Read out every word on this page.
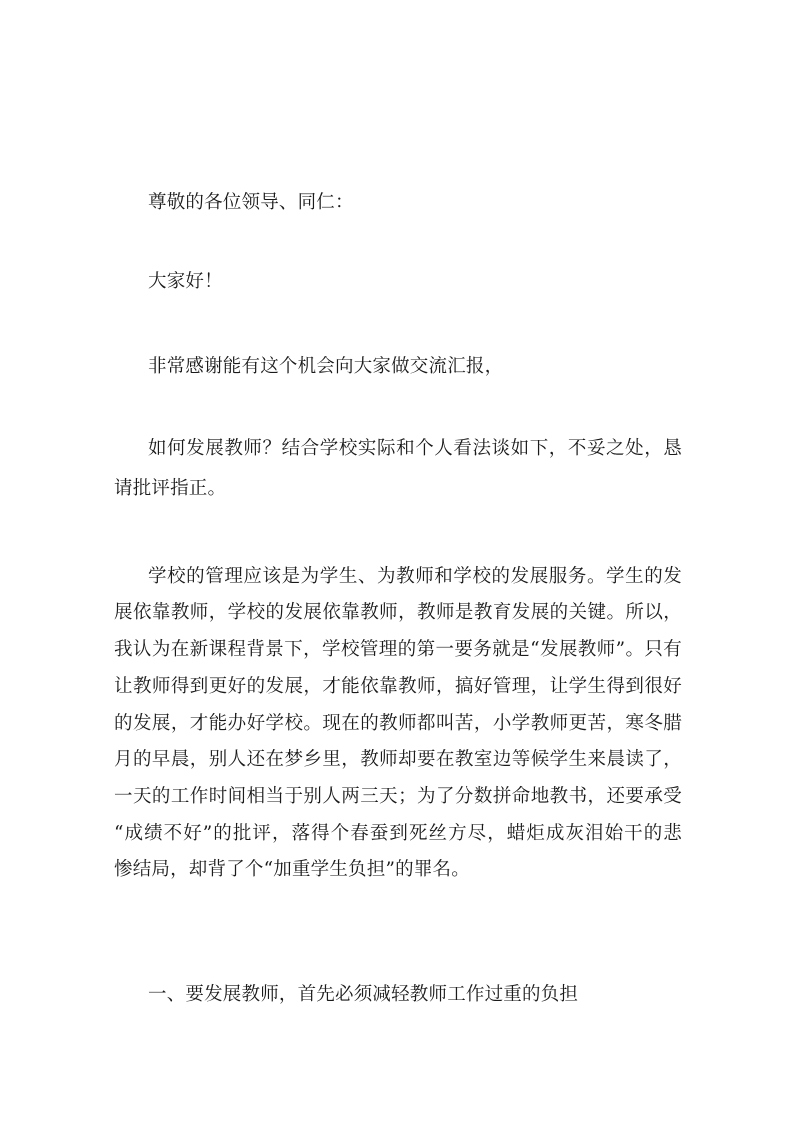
尊敬的各位领导、同仁：
大家好！
非常感谢能有这个机会向大家做交流汇报，
如何发展教师？结合学校实际和个人看法谈如下，不妥之处，恳
请批评指正。
学校的管理应该是为学生、为教师和学校的发展服务。学生的发
展依靠教师，学校的发展依靠教师，教师是教育发展的关键。所以，
我认为在新课程背景下，学校管理的第一要务就是“发展教师”。只有
让教师得到更好的发展，才能依靠教师，搞好管理，让学生得到很好
的发展，才能办好学校。现在的教师都叫苦，小学教师更苦，寒冬腊
月的早晨，别人还在梦乡里，教师却要在教室边等候学生来晨读了，
一天的工作时间相当于别人两三天；为了分数拼命地教书，还要承受
“成绩不好”的批评，落得个春蚕到死丝方尽，蜡炬成灰泪始干的悲
惨结局，却背了个“加重学生负担”的罪名。
一、要发展教师，首先必须减轻教师工作过重的负担
